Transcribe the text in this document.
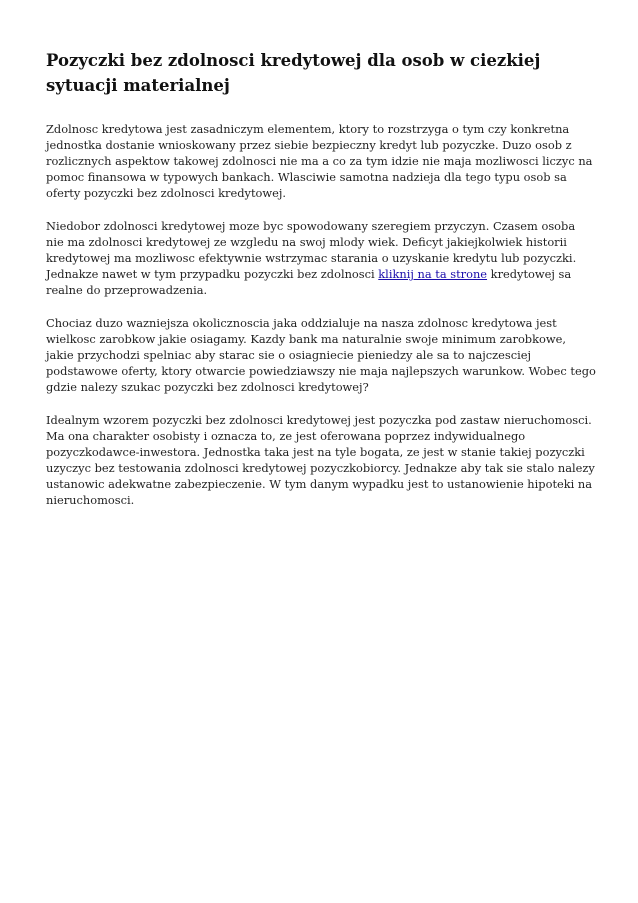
Pozyczki bez zdolnosci kredytowej dla osob w ciezkiej sytuacji materialnej

Zdolnosc kredytowa jest zasadniczym elementem, ktory to rozstrzyga o tym czy konkretna jednostka dostanie wnioskowany przez siebie bezpieczny kredyt lub pozyczke. Duzo osob z rozlicznych aspektow takowej zdolnosci nie ma a co za tym idzie nie maja mozliwosci liczyc na pomoc finansowa w typowych bankach. Wlasciwie samotna nadzieja dla tego typu osob sa oferty pozyczki bez zdolnosci kredytowej.

Niedobor zdolnosci kredytowej moze byc spowodowany szeregiem przyczyn. Czasem osoba nie ma zdolnosci kredytowej ze wzgledu na swoj mlody wiek. Deficyt jakiejkolwiek historii kredytowej ma mozliwosc efektywnie wstrzymac starania o uzyskanie kredytu lub pozyczki. Jednakze nawet w tym przypadku pozyczki bez zdolnosci kliknij na ta strone kredytowej sa realne do przeprowadzenia.

Chociaz duzo wazniejsza okolicznoscia jaka oddzialuje na nasza zdolnosc kredytowa jest wielkosc zarobkow jakie osiagamy. Kazdy bank ma naturalnie swoje minimum zarobkowe, jakie przychodzi spelniac aby starac sie o osiagniecie pieniedzy ale sa to najczesciej podstawowe oferty, ktory otwarcie powiedziawszy nie maja najlepszych warunkow. Wobec tego gdzie nalezy szukac pozyczki bez zdolnosci kredytowej?

Idealnym wzorem pozyczki bez zdolnosci kredytowej jest pozyczka pod zastaw nieruchomosci. Ma ona charakter osobisty i oznacza to, ze jest oferowana poprzez indywidualnego pozyczkodawce-inwestora. Jednostka taka jest na tyle bogata, ze jest w stanie takiej pozyczki uzyczyc bez testowania zdolnosci kredytowej pozyczkobiorcy. Jednakze aby tak sie stalo nalezy ustanowic adekwatne zabezpieczenie. W tym danym wypadku jest to ustanowienie hipoteki na nieruchomosci.
